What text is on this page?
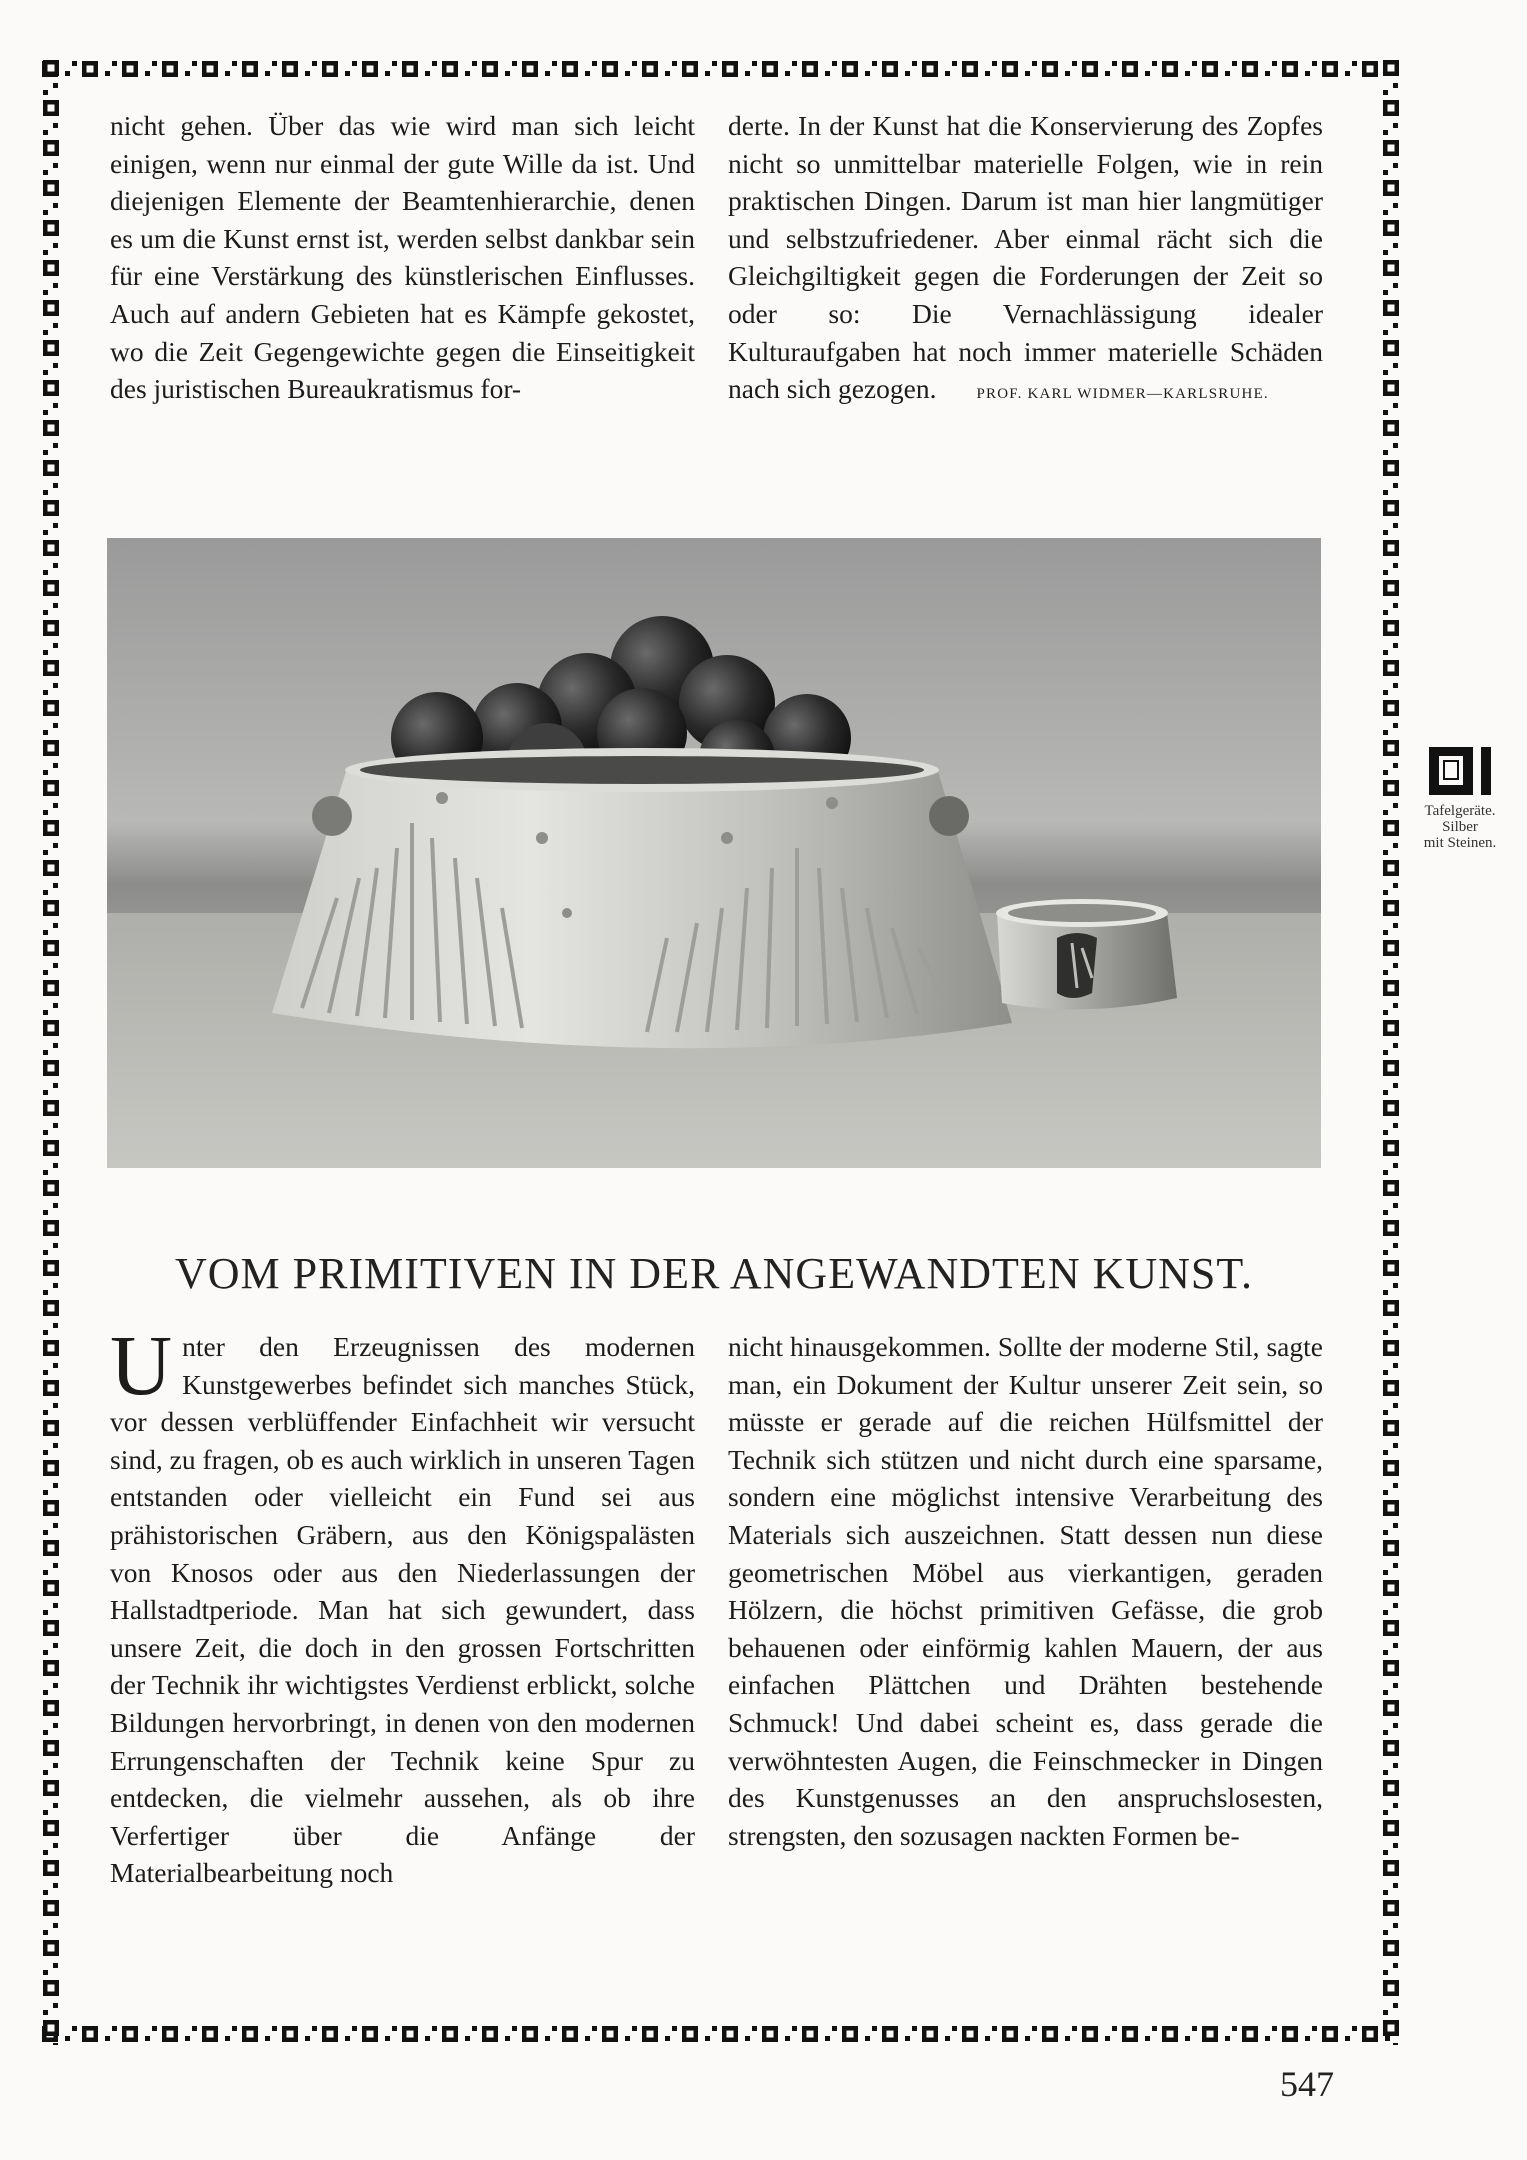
nicht gehen. Über das wie wird man sich leicht einigen, wenn nur einmal der gute Wille da ist. Und diejenigen Elemente der Beamtenhierarchie, denen es um die Kunst ernst ist, werden selbst dankbar sein für eine Verstärkung des künstlerischen Einflusses. Auch auf andern Gebieten hat es Kämpfe gekostet, wo die Zeit Gegengewichte gegen die Einseitigkeit des juristischen Bureaukratismus for-

derte. In der Kunst hat die Konservierung des Zopfes nicht so unmittelbar materielle Folgen, wie in rein praktischen Dingen. Darum ist man hier langmütiger und selbstzufriedener. Aber einmal rächt sich die Gleichgiltigkeit gegen die Forderungen der Zeit so oder so: Die Vernachlässigung idealer Kulturaufgaben hat noch immer materielle Schäden nach sich gezogen.	PROF. KARL WIDMER—KARLSRUHE.

Tafelgeräte.
Silber
mit Steinen.
VOM PRIMITIVEN IN DER ANGEWANDTEN KUNST.

Unter den Erzeugnissen des modernen Kunstgewerbes befindet sich manches Stück, vor dessen verblüffender Einfachheit wir versucht sind, zu fragen, ob es auch wirklich in unseren Tagen entstanden oder vielleicht ein Fund sei aus prähistorischen Gräbern, aus den Königspalästen von Knosos oder aus den Niederlassungen der Hallstadtperiode. Man hat sich gewundert, dass unsere Zeit, die doch in den grossen Fortschritten der Technik ihr wichtigstes Verdienst erblickt, solche Bildungen hervorbringt, in denen von den modernen Errungenschaften der Technik keine Spur zu entdecken, die vielmehr aussehen, als ob ihre Verfertiger über die Anfänge der Materialbearbeitung noch

nicht hinausgekommen. Sollte der moderne Stil, sagte man, ein Dokument der Kultur unserer Zeit sein, so müsste er gerade auf die reichen Hülfsmittel der Technik sich stützen und nicht durch eine sparsame, sondern eine möglichst intensive Verarbeitung des Materials sich auszeichnen. Statt dessen nun diese geometrischen Möbel aus vierkantigen, geraden Hölzern, die höchst primitiven Gefässe, die grob behauenen oder einförmig kahlen Mauern, der aus einfachen Plättchen und Drähten bestehende Schmuck! Und dabei scheint es, dass gerade die verwöhntesten Augen, die Feinschmecker in Dingen des Kunstgenusses an den anspruchslosesten, strengsten, den sozusagen nackten Formen be-

547
